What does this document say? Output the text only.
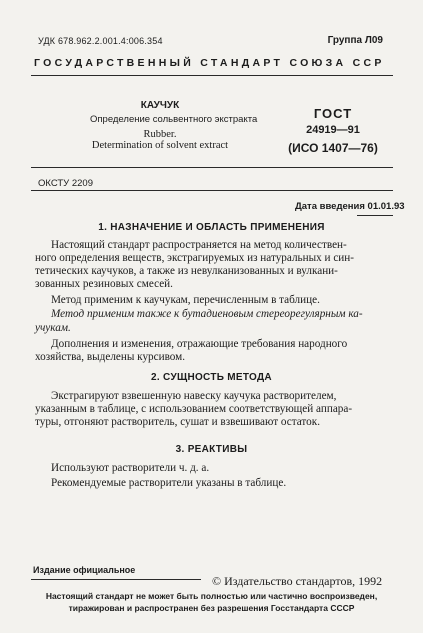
УДК 678.962.2.001.4:006.354	Группа Л09
ГОСУДАРСТВЕННЫЙ СТАНДАРТ СОЮЗА ССР
КАУЧУК
Определение сольвентного экстракта
Rubber.
Determination of solvent extract
ГОСТ
24919—91
(ИСО 1407—76)
ОКСТУ 2209
Дата введения 01.01.93
1. НАЗНАЧЕНИЕ И ОБЛАСТЬ ПРИМЕНЕНИЯ
Настоящий стандарт распространяется на метод количествен-
ного определения веществ, экстрагируемых из натуральных и син-
тетических каучуков, а также из невулканизованных и вулкани-
зованных резиновых смесей.
Метод применим к каучукам, перечисленным в таблице.
Метод применим также к бутадиеновым стереорегулярным ка-
учукам.
Дополнения и изменения, отражающие требования народного
хозяйства, выделены курсивом.
2. СУЩНОСТЬ МЕТОДА
Экстрагируют взвешенную навеску каучука растворителем,
указанным в таблице, с использованием соответствующей аппара-
туры, отгоняют растворитель, сушат и взвешивают остаток.
3. РЕАКТИВЫ
Используют растворители ч. д. а.
Рекомендуемые растворители указаны в таблице.
Издание официальное
© Издательство стандартов, 1992
Настоящий стандарт не может быть полностью или частично воспроизведен,
тиражирован и распространен без разрешения Госстандарта СССР
